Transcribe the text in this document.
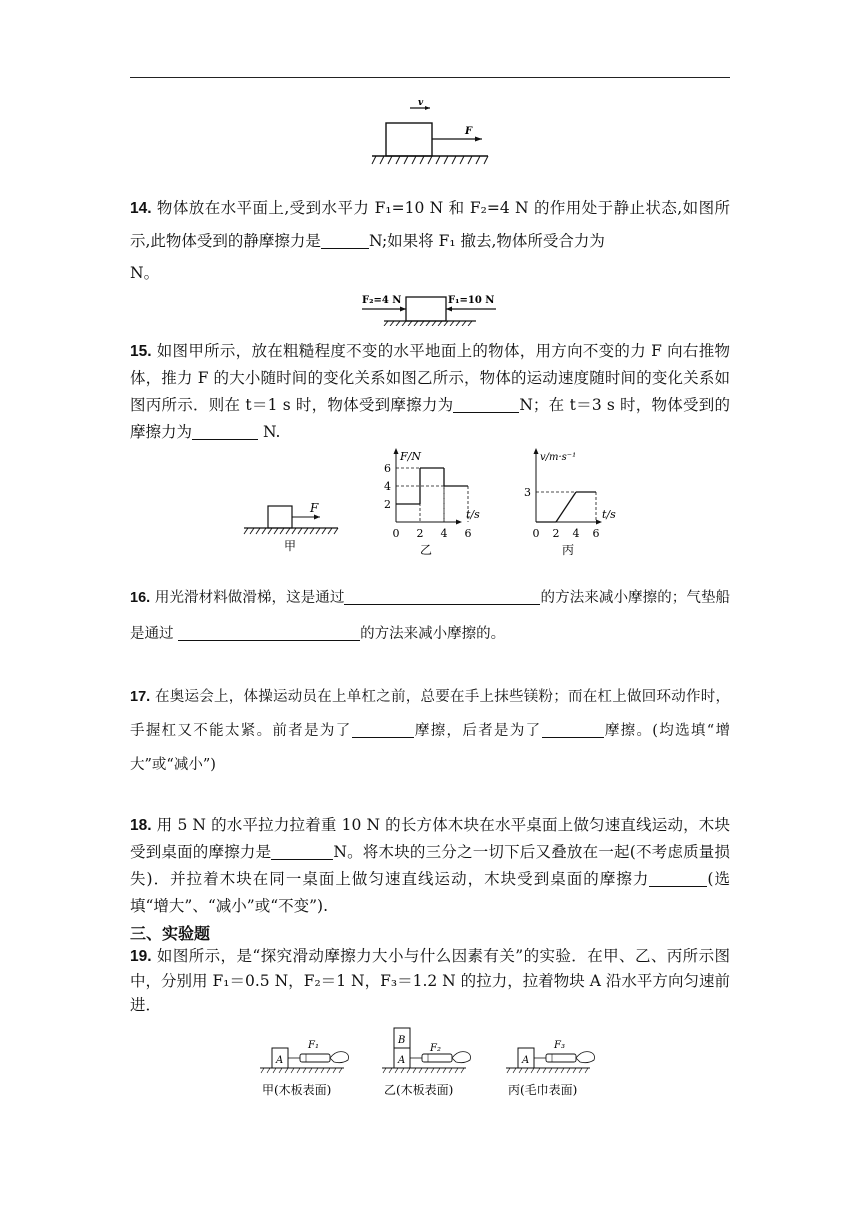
v
F
14. 物体放在水平面上,受到水平力 F₁=10 N 和 F₂=4 N 的作用处于静止状态,如图所示,此物体受到的静摩擦力是	N;如果将 F₁ 撤去,物体所受合力为
N。
F₂=4 N	F₁=10 N
15. 如图甲所示，放在粗糙程度不变的水平地面上的物体，用方向不变的力 F 向右推物体，推力 F 的大小随时间的变化关系如图乙所示，物体的运动速度随时间的变化关系如图丙所示．则在 t＝1 s 时，物体受到摩擦力为	N；在 t＝3 s 时，物体受到的摩擦力为	N.
F
甲
F/N
t/s
6
4
2
0 2 4 6
乙
v/m·s⁻¹
t/s
3
0 2 4 6
丙
16. 用光滑材料做滑梯，这是通过	的方法来减小摩擦的；气垫船是通过	的方法来减小摩擦的。
17. 在奥运会上，体操运动员在上单杠之前，总要在手上抹些镁粉；而在杠上做回环动作时，手握杠又不能太紧。前者是为了	摩擦，后者是为了	摩擦。(均选填“增大”或“减小”)
18. 用 5 N 的水平拉力拉着重 10 N 的长方体木块在水平桌面上做匀速直线运动，木块受到桌面的摩擦力是	N。将木块的三分之一切下后又叠放在一起(不考虑质量损失)．并拉着木块在同一桌面上做匀速直线运动，木块受到桌面的摩擦力	(选填“增大”、“减小”或“不变”).
三、实验题
19. 如图所示，是“探究滑动摩擦力大小与什么因素有关”的实验．在甲、乙、丙所示图中，分别用 F₁＝0.5 N，F₂＝1 N，F₃＝1.2 N 的拉力，拉着物块 A 沿水平方向匀速前进．
A
F₁
甲(木板表面)
B
A
F₂
乙(木板表面)
A
F₃
丙(毛巾表面)
